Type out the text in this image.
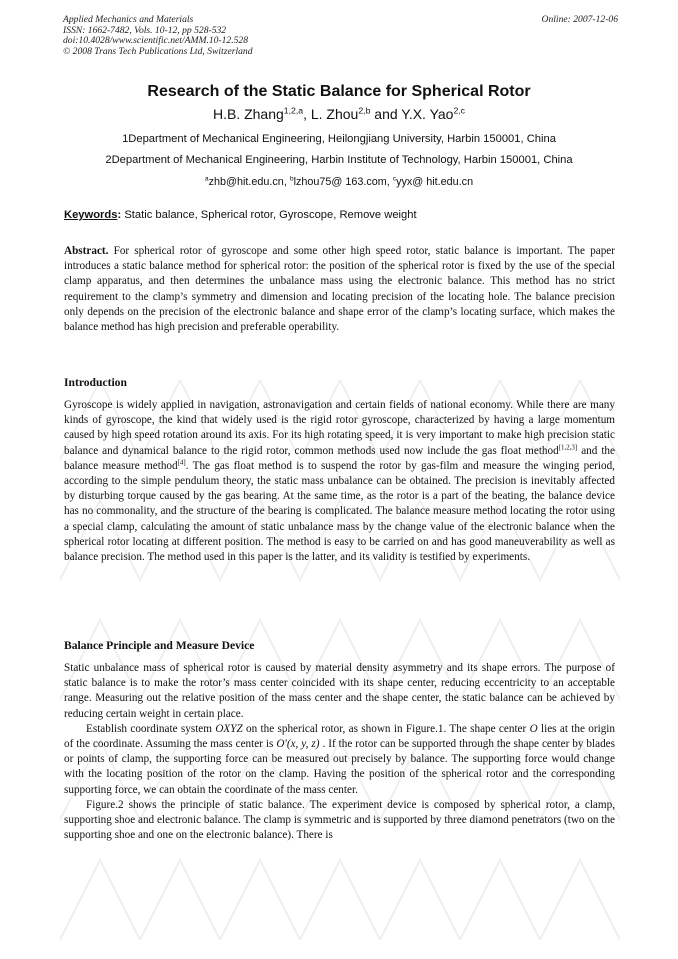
Applied Mechanics and Materials
ISSN: 1662-7482, Vols. 10-12, pp 528-532
doi:10.4028/www.scientific.net/AMM.10-12.528
© 2008 Trans Tech Publications Ltd, Switzerland
Online: 2007-12-06
Research of the Static Balance for Spherical Rotor
H.B. Zhang$^{1,2,a}$, L. Zhou$^{2,b}$ and Y.X. Yao$^{2,c}$
1Department of Mechanical Engineering, Heilongjiang University, Harbin 150001, China
2Department of Mechanical Engineering, Harbin Institute of Technology, Harbin 150001, China
$^a$zhb@hit.edu.cn, $^b$lzhou75@ 163.com, $^c$yyx@ hit.edu.cn
Keywords: Static balance, Spherical rotor, Gyroscope, Remove weight

Abstract. For spherical rotor of gyroscope and some other high speed rotor, static balance is important. The paper introduces a static balance method for spherical rotor: the position of the spherical rotor is fixed by the use of the special clamp apparatus, and then determines the unbalance mass using the electronic balance. This method has no strict requirement to the clamp’s symmetry and dimension and locating precision of the locating hole. The balance precision only depends on the precision of the electronic balance and shape error of the clamp’s locating surface, which makes the balance method has high precision and preferable operability.

Introduction

Gyroscope is widely applied in navigation, astronavigation and certain fields of national economy. While there are many kinds of gyroscope, the kind that widely used is the rigid rotor gyroscope, characterized by having a large momentum caused by high speed rotation around its axis. For its high rotating speed, it is very important to make high precision static balance and dynamical balance to the rigid rotor, common methods used now include the gas float method[1,2,3] and the balance measure method[4]. The gas float method is to suspend the rotor by gas-film and measure the winging period, according to the simple pendulum theory, the static mass unbalance can be obtained. The precision is inevitably affected by disturbing torque caused by the gas bearing. At the same time, as the rotor is a part of the beating, the balance device has no commonality, and the structure of the bearing is complicated. The balance measure method locating the rotor using a special clamp, calculating the amount of static unbalance mass by the change value of the electronic balance when the spherical rotor locating at different position. The method is easy to be carried on and has good maneuverability as well as balance precision. The method used in this paper is the latter, and its validity is testified by experiments.

Balance Principle and Measure Device

Static unbalance mass of spherical rotor is caused by material density asymmetry and its shape errors. The purpose of static balance is to make the rotor’s mass center coincided with its shape center, reducing eccentricity to an acceptable range. Measuring out the relative position of the mass center and the shape center, the static balance can be achieved by reducing certain weight in certain place.

Establish coordinate system OXYZ on the spherical rotor, as shown in Figure.1. The shape center O lies at the origin of the coordinate. Assuming the mass center is O′(x, y, z) . If the rotor can be supported through the shape center by blades or points of clamp, the supporting force can be measured out precisely by balance. The supporting force would change with the locating position of the rotor on the clamp. Having the position of the spherical rotor and the corresponding supporting force, we can obtain the coordinate of the mass center.

Figure.2 shows the principle of static balance. The experiment device is composed by spherical rotor, a clamp, supporting shoe and electronic balance. The clamp is symmetric and is supported by three diamond penetrators (two on the supporting shoe and one on the electronic balance). There is
